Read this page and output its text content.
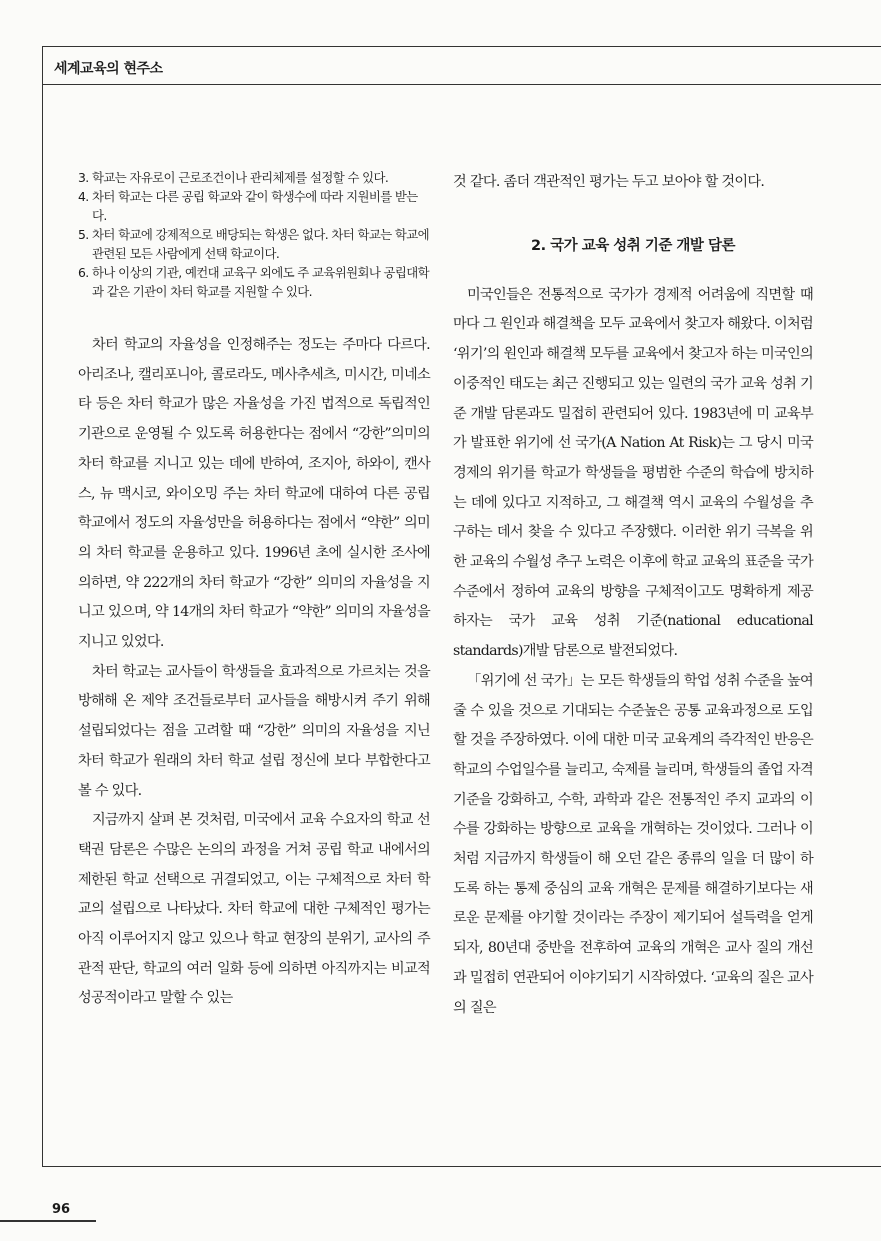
세계교육의 현주소
3. 학교는 자유로이 근로조건이나 관리체제를 설정할 수 있다.
4. 차터 학교는 다른 공립 학교와 같이 학생수에 따라 지원비를 받는다.
5. 차터 학교에 강제적으로 배당되는 학생은 없다. 차터 학교는 학교에 관련된 모든 사람에게 선택 학교이다.
6. 하나 이상의 기관, 예컨대 교육구 외에도 주 교육위원회나 공립대학과 같은 기관이 차터 학교를 지원할 수 있다.

차터 학교의 자율성을 인정해주는 정도는 주마다 다르다. 아리조나, 캘리포니아, 콜로라도, 메사추세츠, 미시간, 미네소타 등은 차터 학교가 많은 자율성을 가진 법적으로 독립적인 기관으로 운영될 수 있도록 허용한다는 점에서 “강한”의미의 차터 학교를 지니고 있는 데에 반하여, 조지아, 하와이, 캔사스, 뉴 맥시코, 와이오밍 주는 차터 학교에 대하여 다른 공립학교에서 정도의 자율성만을 허용하다는 점에서 “약한” 의미의 차터 학교를 운용하고 있다. 1996년 초에 실시한 조사에 의하면, 약 222개의 차터 학교가 “강한” 의미의 자율성을 지니고 있으며, 약 14개의 차터 학교가 “약한” 의미의 자율성을 지니고 있었다.

차터 학교는 교사들이 학생들을 효과적으로 가르치는 것을 방해해 온 제약 조건들로부터 교사들을 해방시켜 주기 위해 설립되었다는 점을 고려할 때 “강한” 의미의 자율성을 지닌 차터 학교가 원래의 차터 학교 설립 정신에 보다 부합한다고 볼 수 있다.

지금까지 살펴 본 것처럼, 미국에서 교육 수요자의 학교 선택권 담론은 수많은 논의의 과정을 거쳐 공립 학교 내에서의 제한된 학교 선택으로 귀결되었고, 이는 구체적으로 차터 학교의 설립으로 나타났다. 차터 학교에 대한 구체적인 평가는 아직 이루어지지 않고 있으나 학교 현장의 분위기, 교사의 주관적 판단, 학교의 여러 일화 등에 의하면 아직까지는 비교적 성공적이라고 말할 수 있는

것 같다. 좀더 객관적인 평가는 두고 보아야 할 것이다.

2. 국가 교육 성취 기준 개발 담론

미국인들은 전통적으로 국가가 경제적 어려움에 직면할 때마다 그 원인과 해결책을 모두 교육에서 찾고자 해왔다. 이처럼 ‘위기’의 원인과 해결책 모두를 교육에서 찾고자 하는 미국인의 이중적인 태도는 최근 진행되고 있는 일련의 국가 교육 성취 기준 개발 담론과도 밀접히 관련되어 있다. 1983년에 미 교육부가 발표한 위기에 선 국가(A Nation At Risk)는 그 당시 미국 경제의 위기를 학교가 학생들을 평범한 수준의 학습에 방치하는 데에 있다고 지적하고, 그 해결책 역시 교육의 수월성을 추구하는 데서 찾을 수 있다고 주장했다. 이러한 위기 극복을 위한 교육의 수월성 추구 노력은 이후에 학교 교육의 표준을 국가 수준에서 정하여 교육의 방향을 구체적이고도 명확하게 제공하자는 국가 교육 성취 기준(national educational standards)개발 담론으로 발전되었다.

「위기에 선 국가」는 모든 학생들의 학업 성취 수준을 높여줄 수 있을 것으로 기대되는 수준높은 공통 교육과정으로 도입할 것을 주장하였다. 이에 대한 미국 교육계의 즉각적인 반응은 학교의 수업일수를 늘리고, 숙제를 늘리며, 학생들의 졸업 자격 기준을 강화하고, 수학, 과학과 같은 전통적인 주지 교과의 이수를 강화하는 방향으로 교육을 개혁하는 것이었다. 그러나 이처럼 지금까지 학생들이 해 오던 같은 종류의 일을 더 많이 하도록 하는 통제 중심의 교육 개혁은 문제를 해결하기보다는 새로운 문제를 야기할 것이라는 주장이 제기되어 설득력을 얻게 되자, 80년대 중반을 전후하여 교육의 개혁은 교사 질의 개선과 밀접히 연관되어 이야기되기 시작하였다. ‘교육의 질은 교사의 질은

96
